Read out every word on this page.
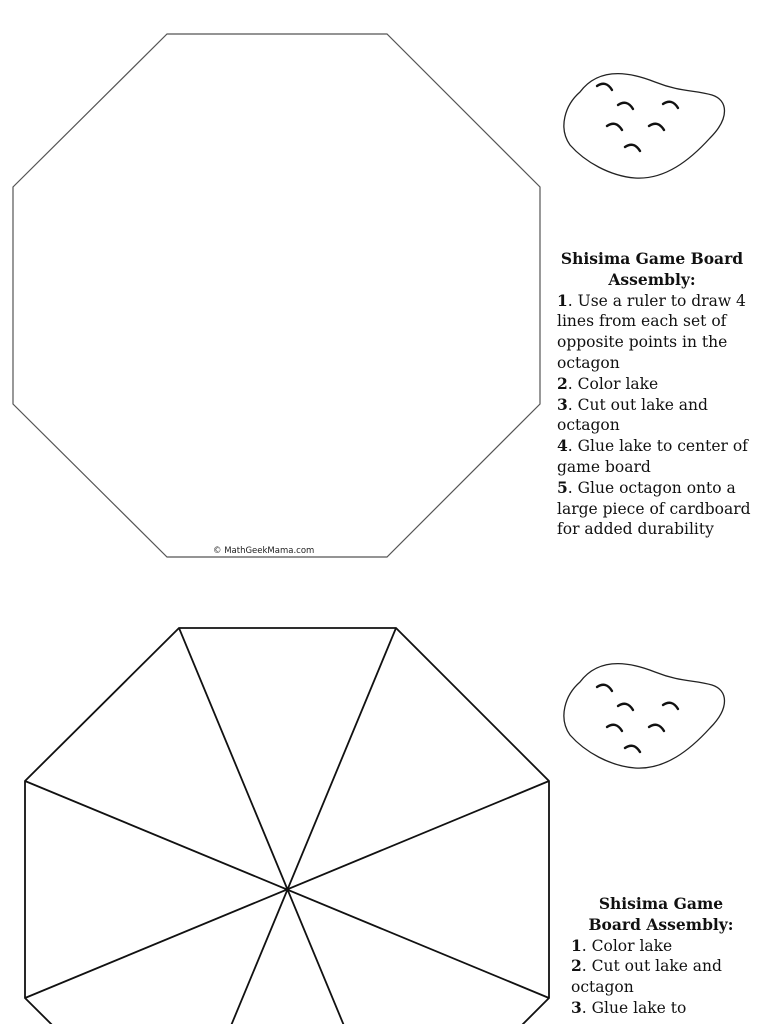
© MathGeekMama.com
Shisima Game Board Assembly:
1. Use a ruler to draw 4 lines from each set of opposite points in the octagon
2. Color lake
3. Cut out lake and octagon
4. Glue lake to center of game board
5. Glue octagon onto a large piece of cardboard for added durability
Shisima Game
Board Assembly:
1. Color lake
2. Cut out lake and octagon
3. Glue lake to
